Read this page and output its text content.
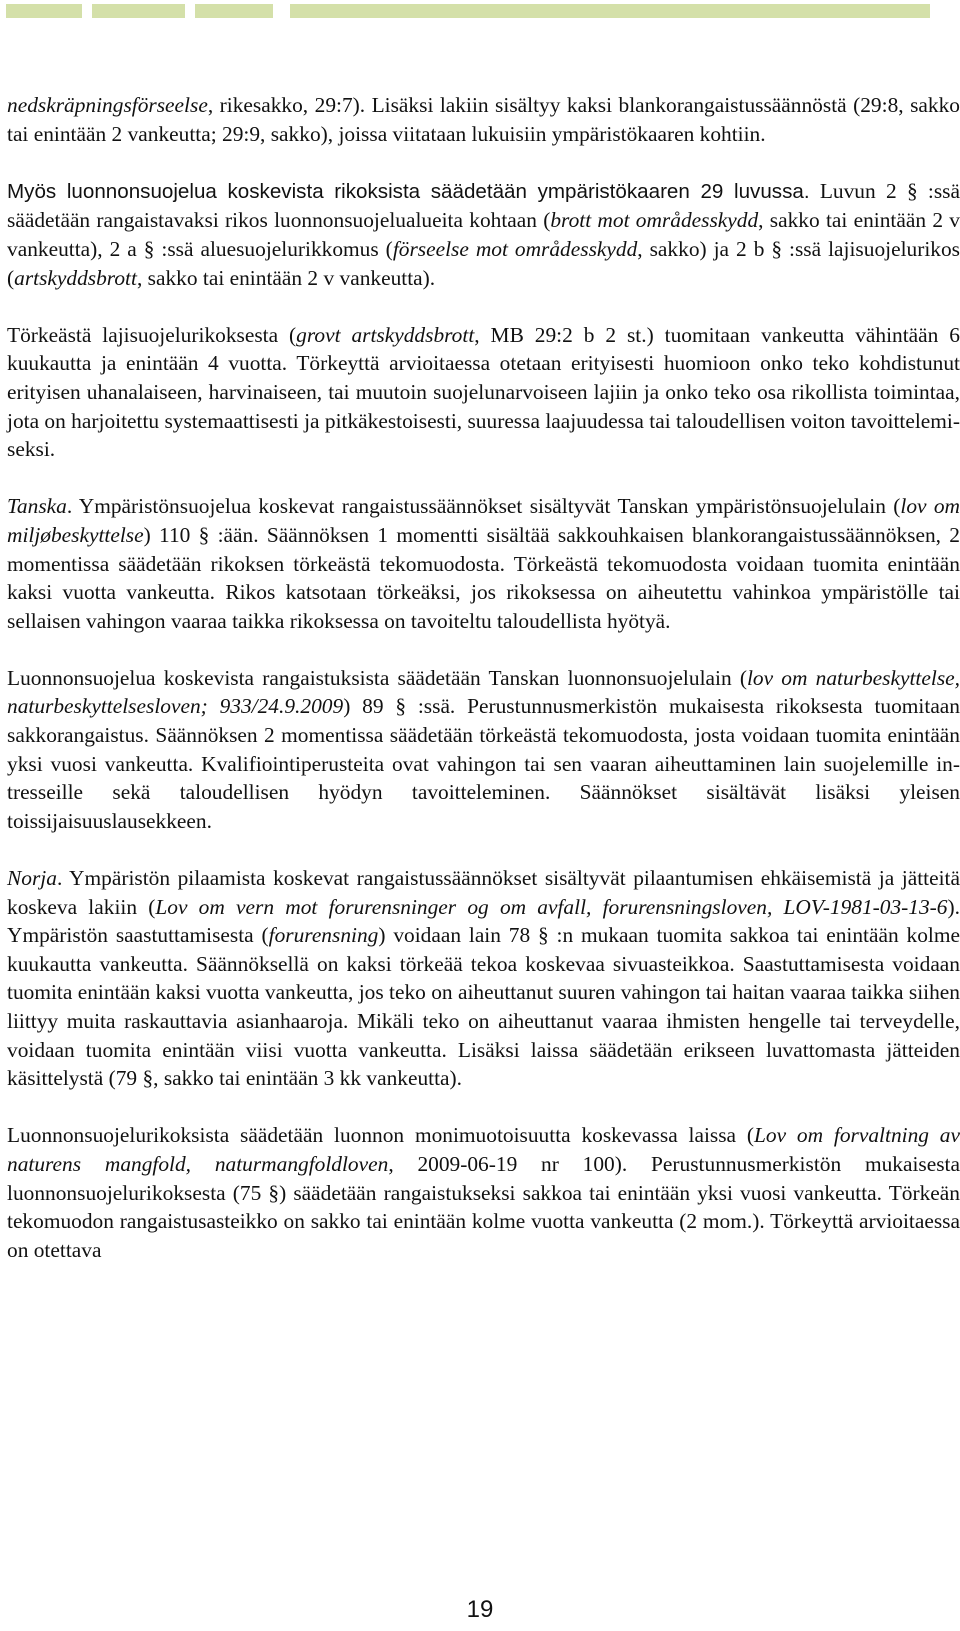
nedskräpningsförseelse, rikesakko, 29:7). Lisäksi lakiin sisältyy kaksi blankorangaistussäännöstä (29:8, sakko tai enintään 2 vankeutta; 29:9, sakko), joissa viitataan lukuisiin ympäristökaaren kohtiin.

Myös luonnonsuojelua koskevista rikoksista säädetään ympäristökaaren 29 luvussa. Luvun 2 § :ssä säädetään rangaistavaksi rikos luonnonsuojelualueita kohtaan (brott mot områdesskydd, sakko tai enintään 2 v vankeutta), 2 a § :ssä aluesuojelurikkomus (förseelse mot områdesskydd, sakko) ja 2 b § :ssä lajisuojelurikos (artskyddsbrott, sakko tai enintään 2 v vankeutta).

Törkeästä lajisuojelurikoksesta (grovt artskyddsbrott, MB 29:2 b 2 st.) tuomitaan vankeutta vähintään 6 kuukautta ja enintään 4 vuotta. Törkeyttä arvioitaessa otetaan erityisesti huomioon onko teko kohdistunut erityisen uhanalaiseen, harvinaiseen, tai muutoin suojelunarvoiseen lajiin ja onko teko osa rikollista toimintaa, jota on harjoitettu systemaattisesti ja pitkäkestoisesti, suuressa laajuudessa tai taloudellisen voiton tavoittelemiseksi.

Tanska. Ympäristönsuojelua koskevat rangaistussäännökset sisältyvät Tanskan ympäristönsuojelulain (lov om miljøbeskyttelse) 110 § :ään. Säännöksen 1 momentti sisältää sakkouhkaisen blankorangaistussäännöksen, 2 momentissa säädetään rikoksen törkeästä tekomuodosta. Törkeästä tekomuodosta voidaan tuomita enintään kaksi vuotta vankeutta. Rikos katsotaan törkeäksi, jos rikoksessa on aiheutettu vahinkoa ympäristölle tai sellaisen vahingon vaaraa taikka rikoksessa on tavoiteltu taloudellista hyötyä.

Luonnonsuojelua koskevista rangaistuksista säädetään Tanskan luonnonsuojelulain (lov om naturbeskyttelse, naturbeskyttelsesloven; 933/24.9.2009) 89 § :ssä. Perustunnusmerkistön mukaisesta rikoksesta tuomitaan sakkorangaistus. Säännöksen 2 momentissa säädetään törkeästä tekomuodosta, josta voidaan tuomita enintään yksi vuosi vankeutta. Kvalifiointiperusteita ovat vahingon tai sen vaaran aiheuttaminen lain suojelemille intresseille sekä taloudellisen hyödyn tavoitteleminen. Säännökset sisältävät lisäksi yleisen toissijaisuuslausekkeen.

Norja. Ympäristön pilaamista koskevat rangaistussäännökset sisältyvät pilaantumisen ehkäisemistä ja jätteitä koskeva lakiin (Lov om vern mot forurensninger og om avfall, forurensningsloven, LOV-1981-03-13-6). Ympäristön saastuttamisesta (forurensning) voidaan lain 78 § :n mukaan tuomita sakkoa tai enintään kolme kuukautta vankeutta. Säännöksellä on kaksi törkeää tekoa koskevaa sivuasteikkoa. Saastuttamisesta voidaan tuomita enintään kaksi vuotta vankeutta, jos teko on aiheuttanut suuren vahingon tai haitan vaaraa taikka siihen liittyy muita raskauttavia asianhaaroja. Mikäli teko on aiheuttanut vaaraa ihmisten hengelle tai terveydelle, voidaan tuomita enintään viisi vuotta vankeutta. Lisäksi laissa säädetään erikseen luvattomasta jätteiden käsittelystä (79 §, sakko tai enintään 3 kk vankeutta).

Luonnonsuojelurikoksista säädetään luonnon monimuotoisuutta koskevassa laissa (Lov om forvaltning av naturens mangfold, naturmangfoldloven, 2009-06-19 nr 100). Perustunnusmerkistön mukaisesta luonnonsuojelurikoksesta (75 §) säädetään rangaistukseksi sakkoa tai enintään yksi vuosi vankeutta. Törkeän tekomuodon rangaistusasteikko on sakko tai enintään kolme vuotta vankeutta (2 mom.). Törkeyttä arvioitaessa on otettava

19
